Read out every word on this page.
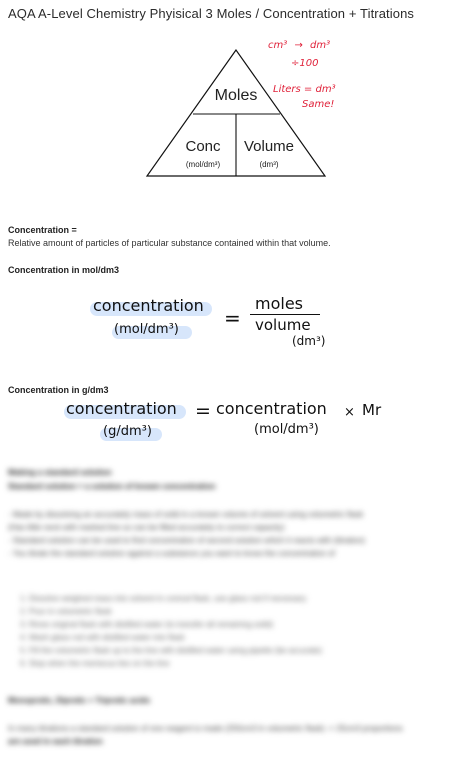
AQA A-Level Chemistry Phyisical 3 Moles / Concentration + Titrations
Moles
Conc
(mol/dm³)
Volume
(dm³)
cm³ → dm³
÷100
Liters = dm³
Same!
Concentration =
Relative amount of particles of particular substance contained within that volume.
Concentration in mol/dm3
concentration
(mol/dm³) =
moles
volume
(dm³)
Concentration in g/dm3
concentration
(g/dm³)
= concentration
(mol/dm³)
× Mr
Making a standard solution
Standard solution = a solution of known concentration
- Made by dissolving an accurately mass of solid in a known volume of solvent using volumetric flask
(Has little neck with marked line so can be filled accurately to correct capacity)
- Standard solution can be used to find concentration of second solution which it reacts with (titration)
- You titrate the standard solution against a substance you want to know the concentration of
1. Dissolve weighed mass into solvent in conical flask, use glass rod if necessary
2. Pour in volumetric flask
3. Rinse original flask with distilled water (to transfer all remaining solid)
4. Wash glass rod with distilled water into flask
5. Fill the volumetric flask up to the line with distilled water using pipette (be accurate)
6. Stop when the meniscus lies on the line
Monoprotic, Diprotic + Triprotic acids
In many titrations a standard solution of one reagent is made (250cm3 in volumetric flask) -> 25cm3 proportions
are used in each titration
